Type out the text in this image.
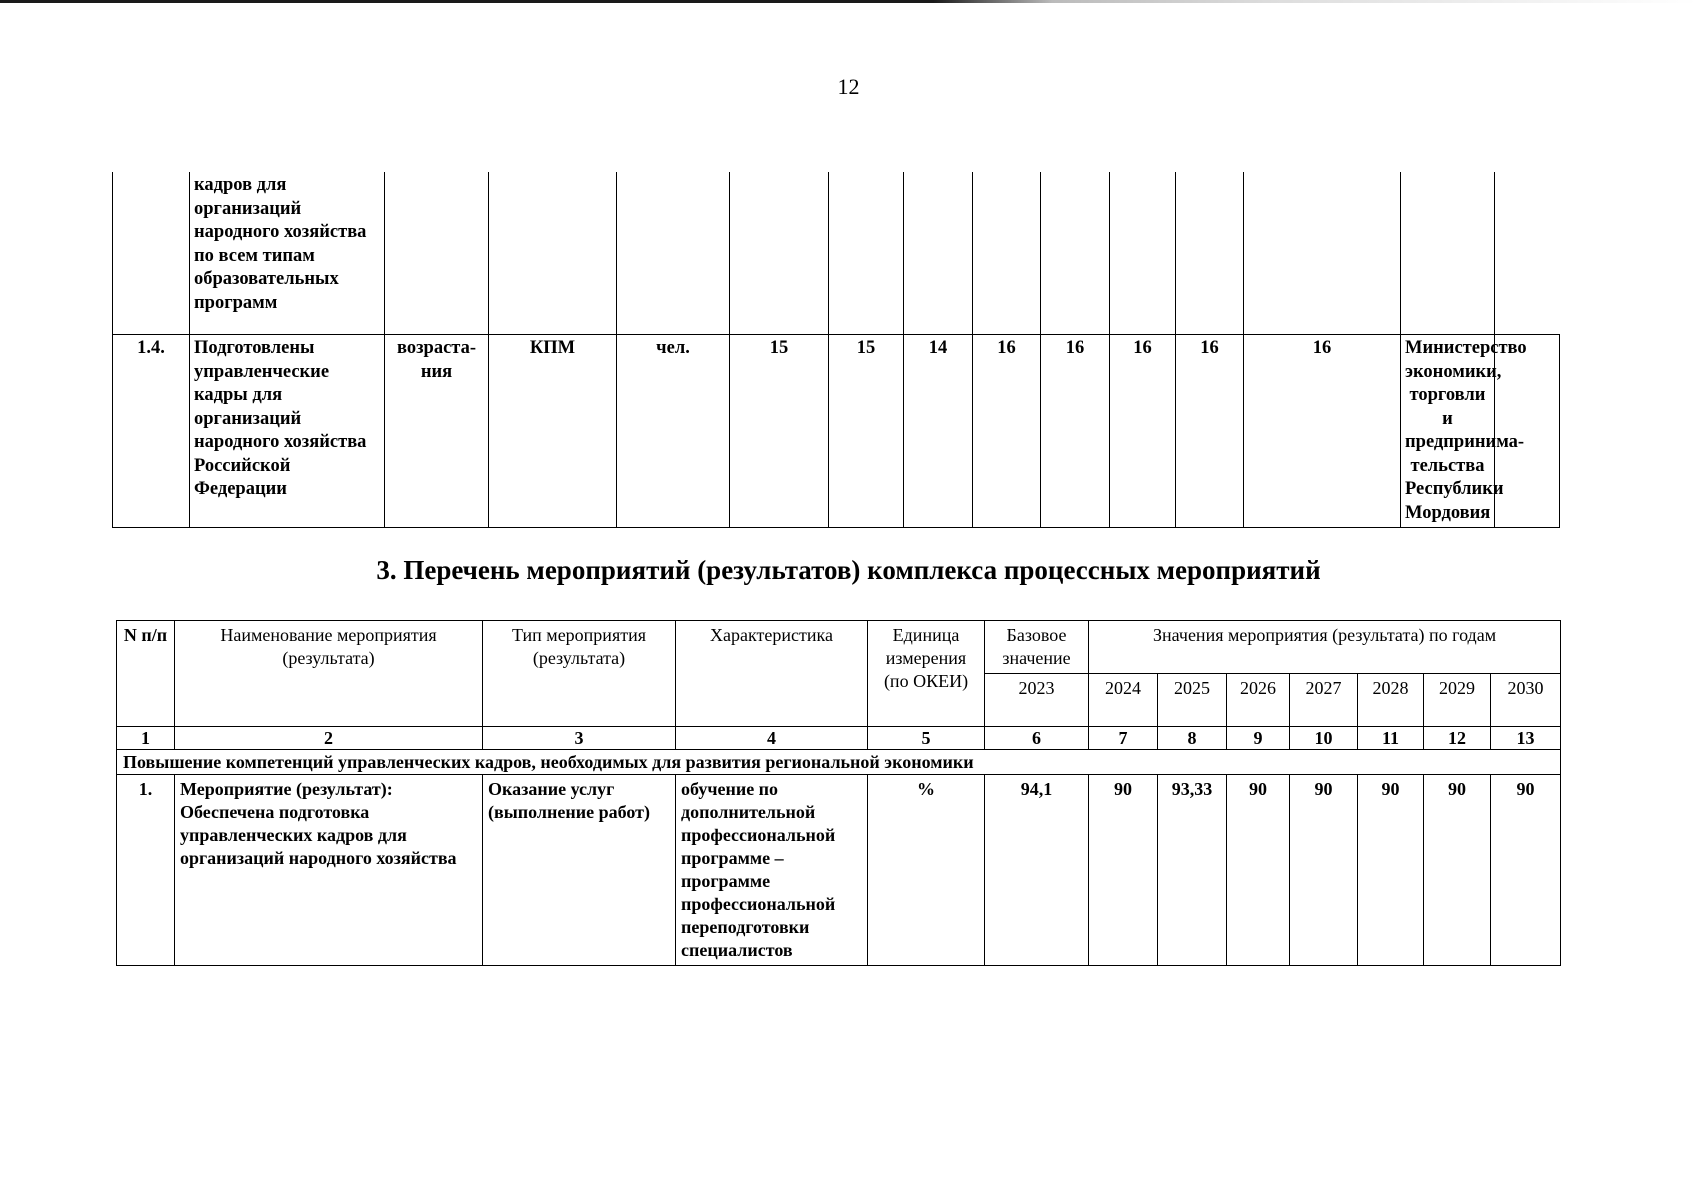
12
	кадров для организаций народного хозяйства по всем типам образовательных программ													
1.4.	Подготовлены управленческие кадры для организаций народного хозяйства Российской Федерации	возраста-ния	КПМ	чел.	15	15	14	16	16	16	16	16	Министерство экономики, торговли и предпринима-тельства Республики Мордовия	
3. Перечень мероприятий (результатов) комплекса процессных мероприятий
N п/п	Наименование мероприятия (результата)	Тип мероприятия (результата)	Характеристика	Единица измерения (по ОКЕИ)	Базовое значение	Значения мероприятия (результата) по годам						
					2023	2024	2025	2026	2027	2028	2029	2030
1	2	3	4	5	6	7	8	9	10	11	12	13
Повышение компетенций управленческих кадров, необходимых для развития региональной экономики												
1.	Мероприятие (результат): Обеспечена подготовка управленческих кадров для организаций народного хозяйства	Оказание услуг (выполнение работ)	обучение по дополнительной профессиональной программе – программе профессиональной переподготовки специалистов	%	94,1	90	93,33	90	90	90	90	90
